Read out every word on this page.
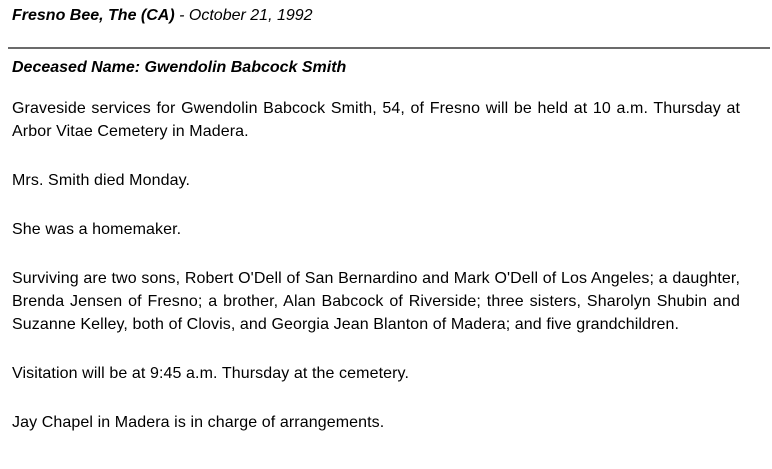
Fresno Bee, The (CA) - October 21, 1992
Deceased Name: Gwendolin Babcock Smith

Graveside services for Gwendolin Babcock Smith, 54, of Fresno will be held at 10 a.m. Thursday at Arbor Vitae Cemetery in Madera.

Mrs. Smith died Monday.

She was a homemaker.

Surviving are two sons, Robert O'Dell of San Bernardino and Mark O'Dell of Los Angeles; a daughter, Brenda Jensen of Fresno; a brother, Alan Babcock of Riverside; three sisters, Sharolyn Shubin and Suzanne Kelley, both of Clovis, and Georgia Jean Blanton of Madera; and five grandchildren.

Visitation will be at 9:45 a.m. Thursday at the cemetery.

Jay Chapel in Madera is in charge of arrangements.
